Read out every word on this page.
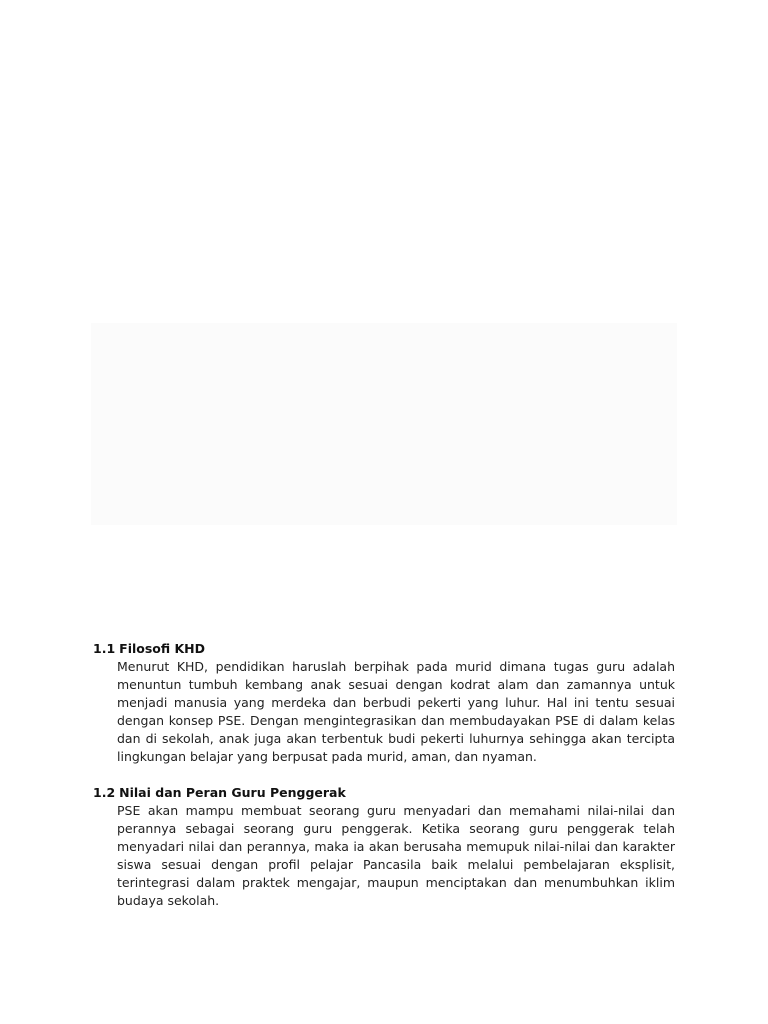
1.1 Filosofi KHD

Menurut KHD, pendidikan haruslah berpihak pada murid dimana tugas guru adalah menuntun tumbuh kembang anak sesuai dengan kodrat alam dan zamannya untuk menjadi manusia yang merdeka dan berbudi pekerti yang luhur. Hal ini tentu sesuai dengan konsep PSE. Dengan mengintegrasikan dan membudayakan PSE di dalam kelas dan di sekolah, anak juga akan terbentuk budi pekerti luhurnya sehingga akan tercipta lingkungan belajar yang berpusat pada murid, aman, dan nyaman.

1.2 Nilai dan Peran Guru Penggerak

PSE akan mampu membuat seorang guru menyadari dan memahami nilai-nilai dan perannya sebagai seorang guru penggerak. Ketika seorang guru penggerak telah menyadari nilai dan perannya, maka ia akan berusaha memupuk nilai-nilai dan karakter siswa sesuai dengan profil pelajar Pancasila baik melalui pembelajaran eksplisit, terintegrasi dalam praktek mengajar, maupun menciptakan dan menumbuhkan iklim budaya sekolah.
